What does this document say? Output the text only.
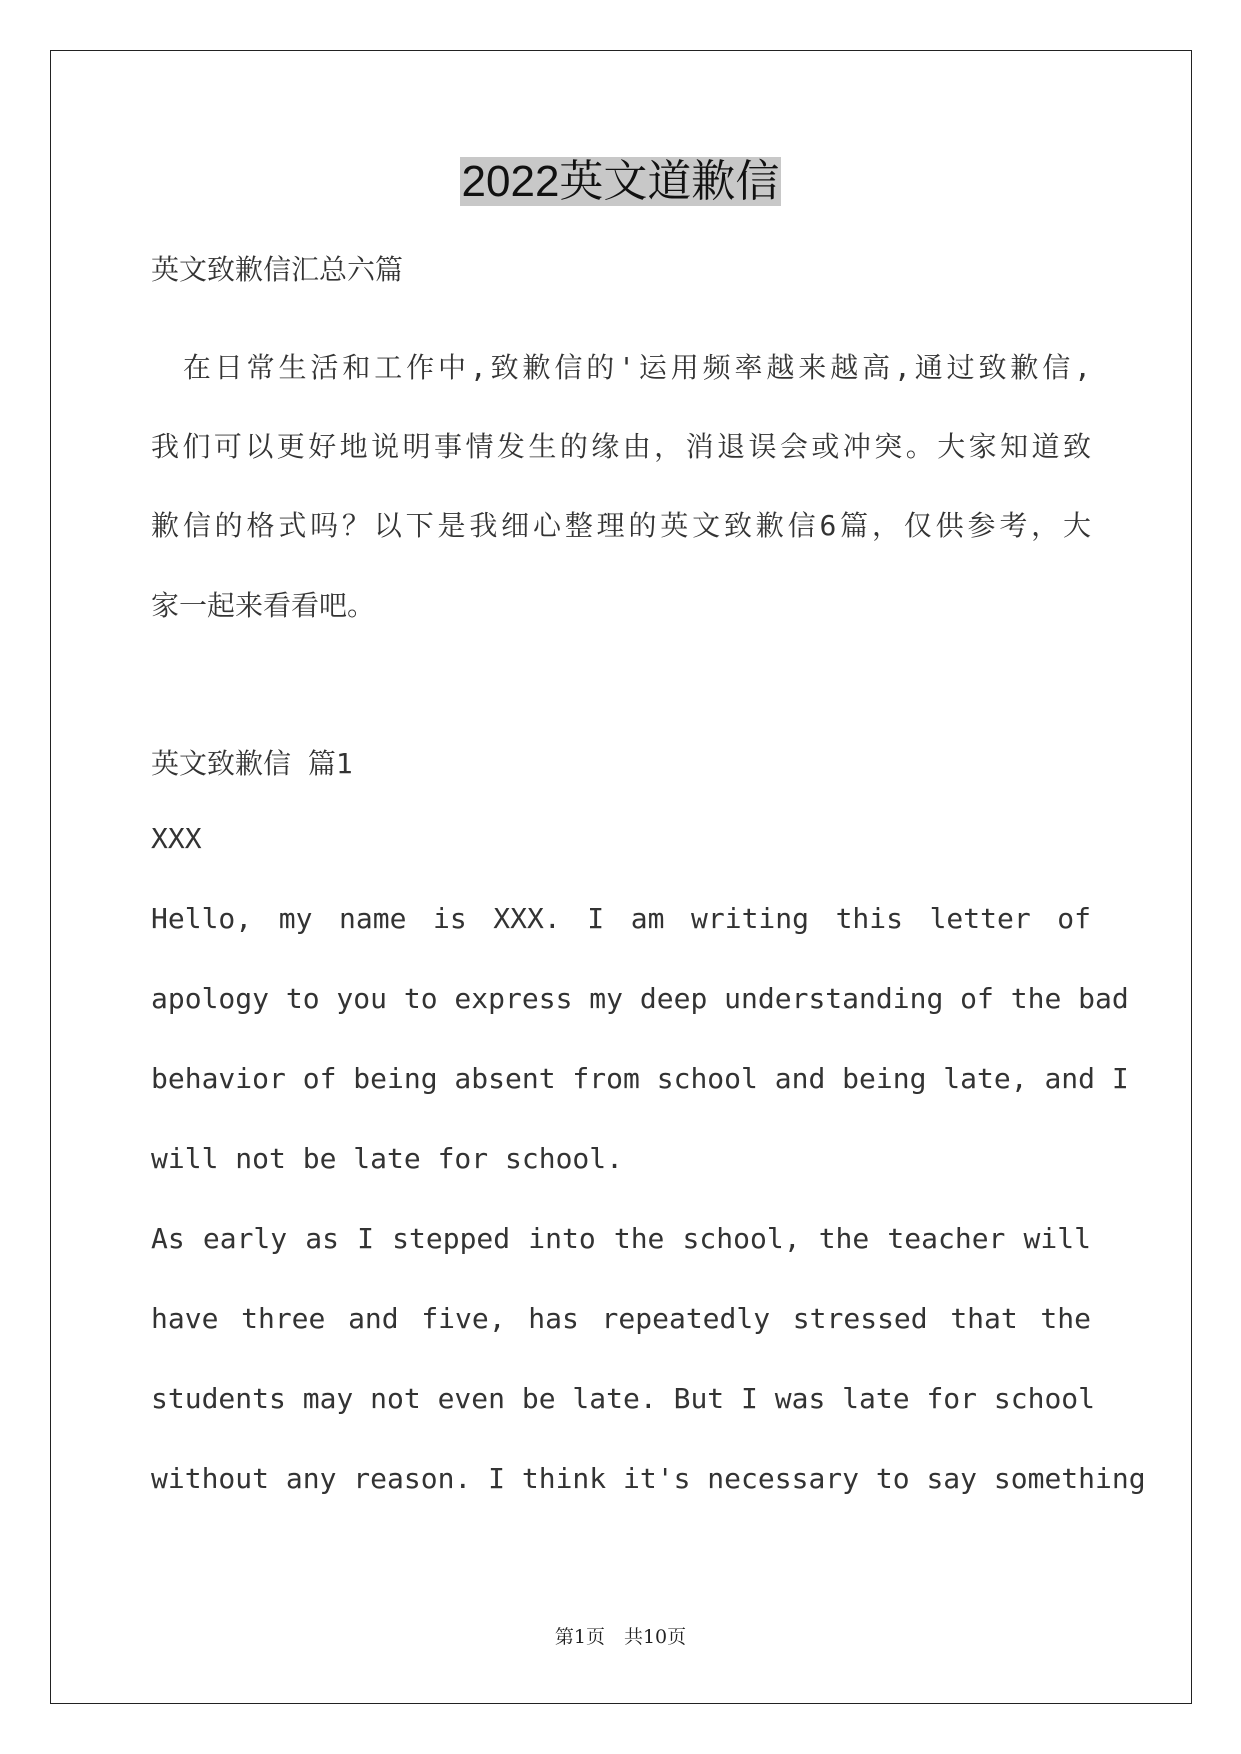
2022英文道歉信
英文致歉信汇总六篇
　在日常生活和工作中,致歉信的'运用频率越来越高,通过致歉信,
我们可以更好地说明事情发生的缘由，消退误会或冲突。大家知道致
歉信的格式吗？以下是我细心整理的英文致歉信6篇，仅供参考，大
家一起来看看吧。
英文致歉信 篇1
XXX
Hello, my name is XXX. I am writing this letter of
apology to you to express my deep understanding of the bad
behavior of being absent from school and being late, and I
will not be late for school.
As early as I stepped into the school, the teacher will
have three and five, has repeatedly stressed that the
students may not even be late. But I was late for school
without any reason. I think it's necessary to say something
第1页　共10页
